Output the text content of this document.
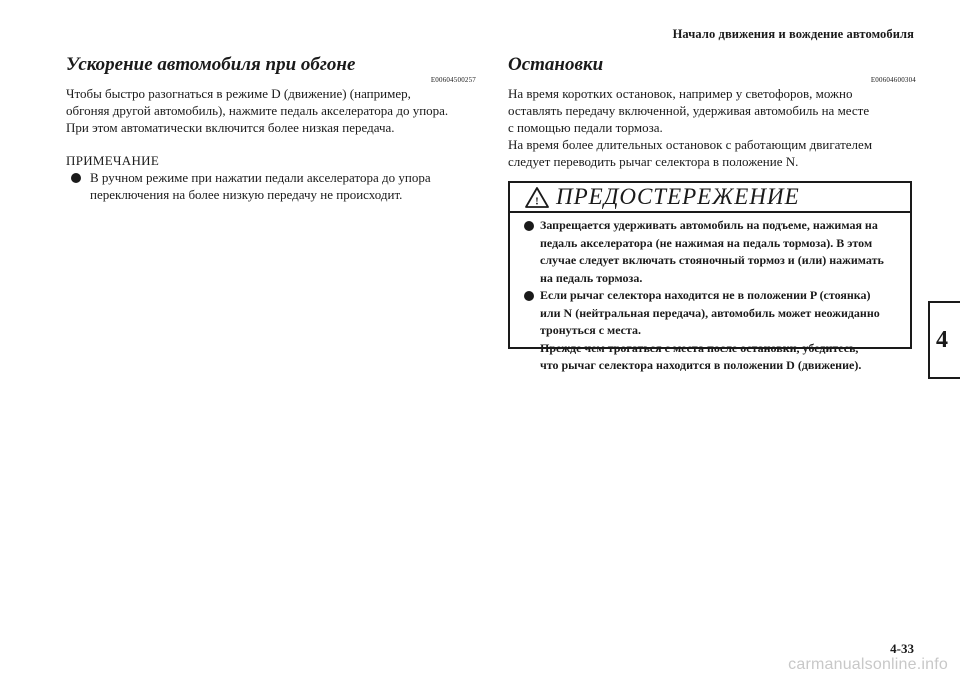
Начало движения и вождение автомобиля
Ускорение автомобиля при обгоне
E00604500257

Чтобы быстро разогнаться в режиме D (движение) (например,
обгоняя другой автомобиль), нажмите педаль акселератора до упора.
При этом автоматически включится более низкая передача.

ПРИМЕЧАНИЕ
В ручном режиме при нажатии педали акселератора до упора
переключения на более низкую передачу не происходит.
Остановки
E00604600304

На время коротких остановок, например у светофоров, можно
оставлять передачу включенной, удерживая автомобиль на месте
с помощью педали тормоза.
На время более длительных остановок с работающим двигателем
следует переводить рычаг селектора в положение N.

! ПРЕДОСТЕРЕЖЕНИЕ
Запрещается удерживать автомобиль на подъеме, нажимая на
педаль акселератора (не нажимая на педаль тормоза). В этом
случае следует включать стояночный тормоз и (или) нажимать
на педаль тормоза.
Если рычаг селектора находится не в положении P (стоянка)
или N (нейтральная передача), автомобиль может неожиданно
тронуться с места.
Прежде чем трогаться с места после остановки, убедитесь,
что рычаг селектора находится в положении D (движение).
4
4-33
carmanualsonline.info
